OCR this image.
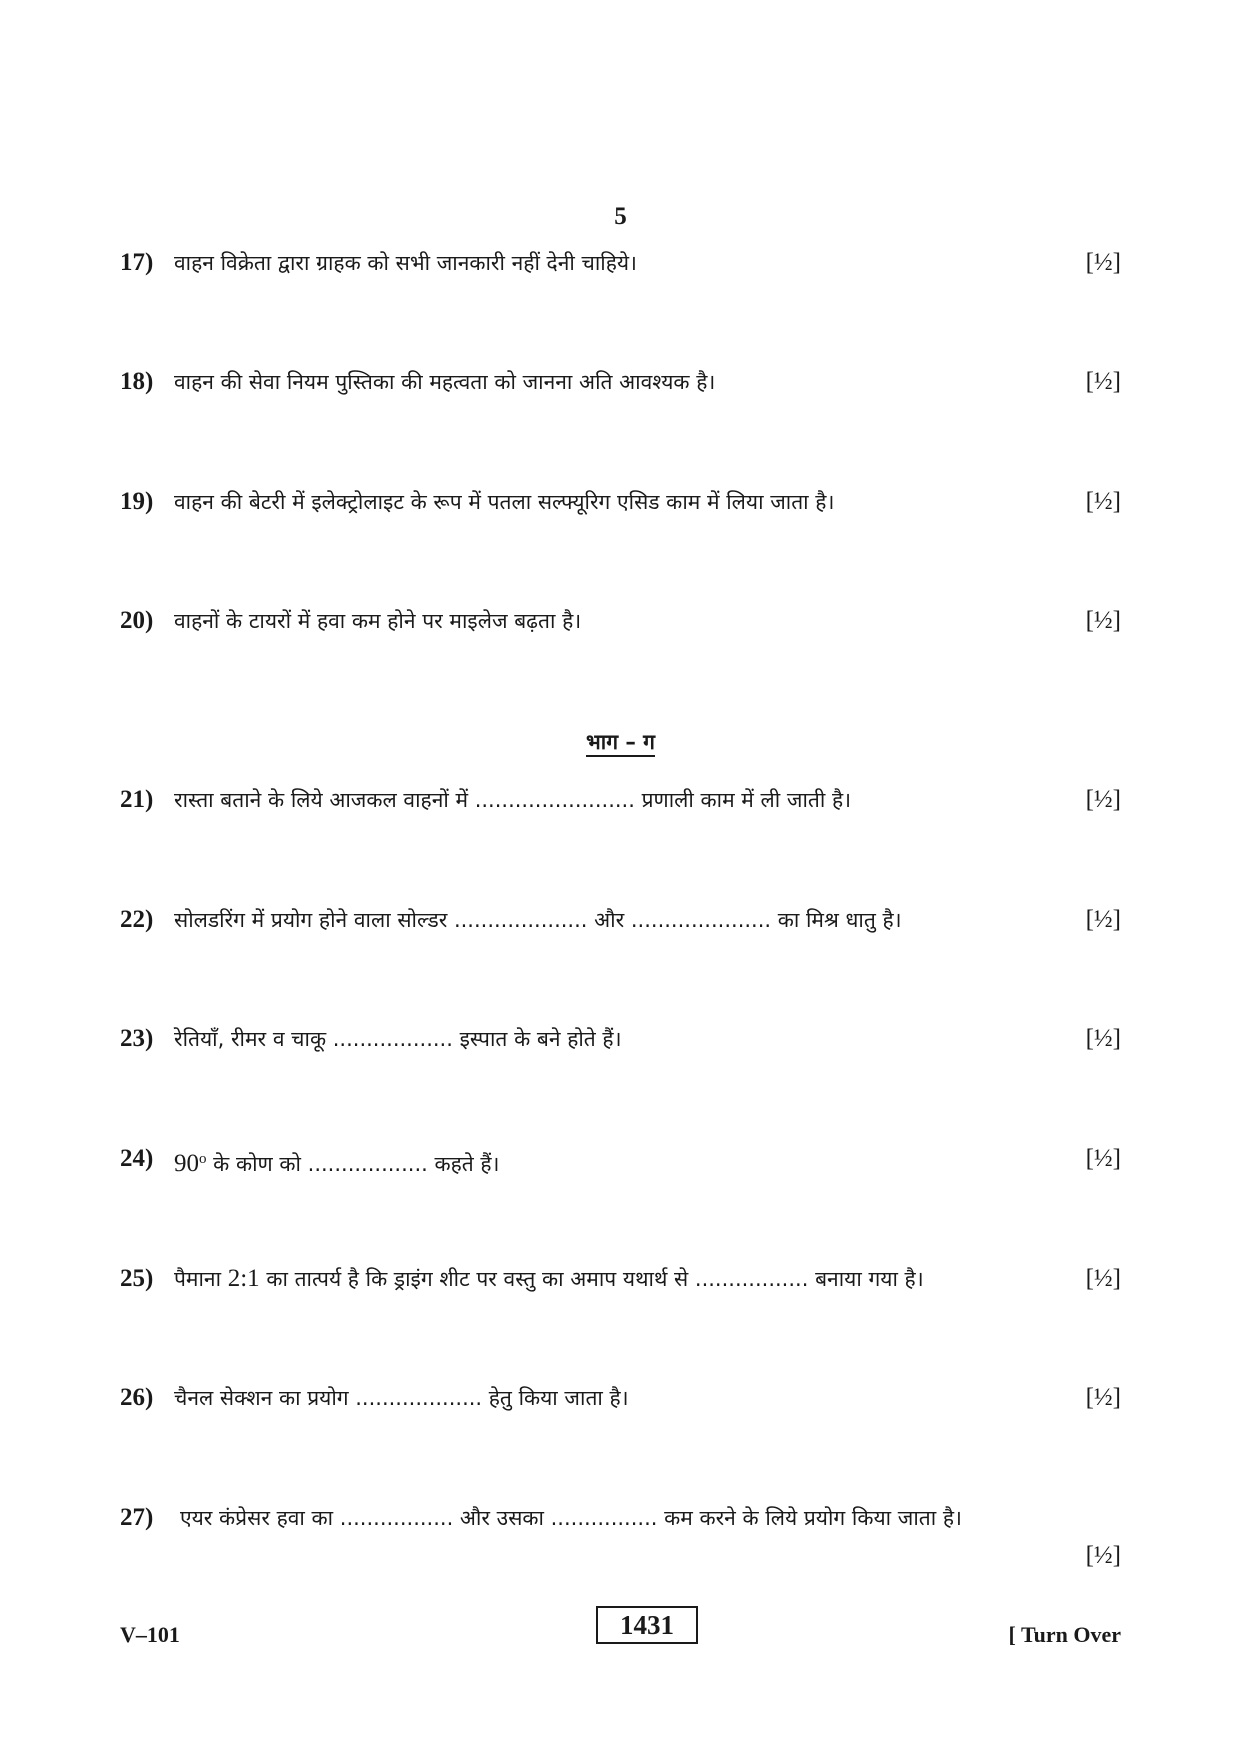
5
17) वाहन विक्रेता द्वारा ग्राहक को सभी जानकारी नहीं देनी चाहिये।	[½]
18) वाहन की सेवा नियम पुस्तिका की महत्वता को जानना अति आवश्यक है।	[½]
19) वाहन की बेटरी में इलेक्ट्रोलाइट के रूप में पतला सल्फ्यूरिग एसिड काम में लिया जाता है।	[½]
20) वाहनों के टायरों में हवा कम होने पर माइलेज बढ़ता है।	[½]
भाग – ग
21) रास्ता बताने के लिये आजकल वाहनों में ........................ प्रणाली काम में ली जाती है।	[½]
22) सोलडरिंग में प्रयोग होने वाला सोल्डर .................... और ..................... का मिश्र धातु है।	[½]
23) रेतियाँ, रीमर व चाकू .................. इस्पात के बने होते हैं।	[½]
24) 90$^o$ के कोण को .................. कहते हैं।	[½]
25) पैमाना 2:1 का तात्पर्य है कि ड्राइंग शीट पर वस्तु का अमाप यथार्थ से ................. बनाया गया है।	[½]
26) चैनल सेक्शन का प्रयोग ................... हेतु किया जाता है।	[½]
27) एयर कंप्रेसर हवा का ................. और उसका ................ कम करने के लिये प्रयोग किया जाता है।
[½]
V–101	1431	[ Turn Over
